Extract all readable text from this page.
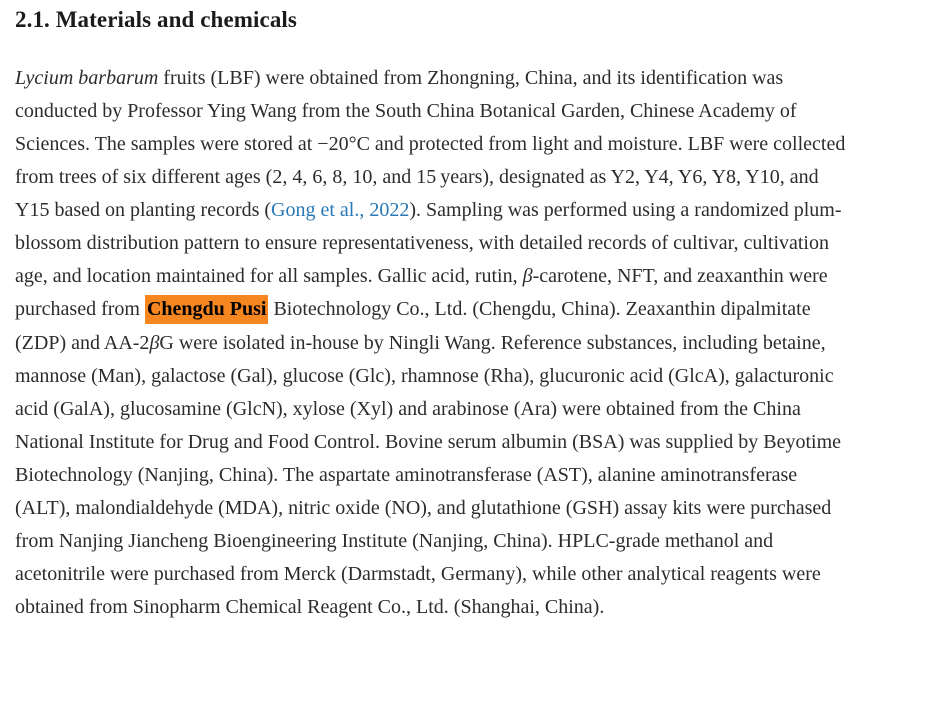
2.1. Materials and chemicals

Lycium barbarum fruits (LBF) were obtained from Zhongning, China, and its identification was conducted by Professor Ying Wang from the South China Botanical Garden, Chinese Academy of Sciences. The samples were stored at −20°C and protected from light and moisture. LBF were collected from trees of six different ages (2, 4, 6, 8, 10, and 15 years), designated as Y2, Y4, Y6, Y8, Y10, and Y15 based on planting records (Gong et al., 2022). Sampling was performed using a randomized plum-blossom distribution pattern to ensure representativeness, with detailed records of cultivar, cultivation age, and location maintained for all samples. Gallic acid, rutin, β-carotene, NFT, and zeaxanthin were purchased from Chengdu Pusi Biotechnology Co., Ltd. (Chengdu, China). Zeaxanthin dipalmitate (ZDP) and AA-2βG were isolated in-house by Ningli Wang. Reference substances, including betaine, mannose (Man), galactose (Gal), glucose (Glc), rhamnose (Rha), glucuronic acid (GlcA), galacturonic acid (GalA), glucosamine (GlcN), xylose (Xyl) and arabinose (Ara) were obtained from the China National Institute for Drug and Food Control. Bovine serum albumin (BSA) was supplied by Beyotime Biotechnology (Nanjing, China). The aspartate aminotransferase (AST), alanine aminotransferase (ALT), malondialdehyde (MDA), nitric oxide (NO), and glutathione (GSH) assay kits were purchased from Nanjing Jiancheng Bioengineering Institute (Nanjing, China). HPLC-grade methanol and acetonitrile were purchased from Merck (Darmstadt, Germany), while other analytical reagents were obtained from Sinopharm Chemical Reagent Co., Ltd. (Shanghai, China).
